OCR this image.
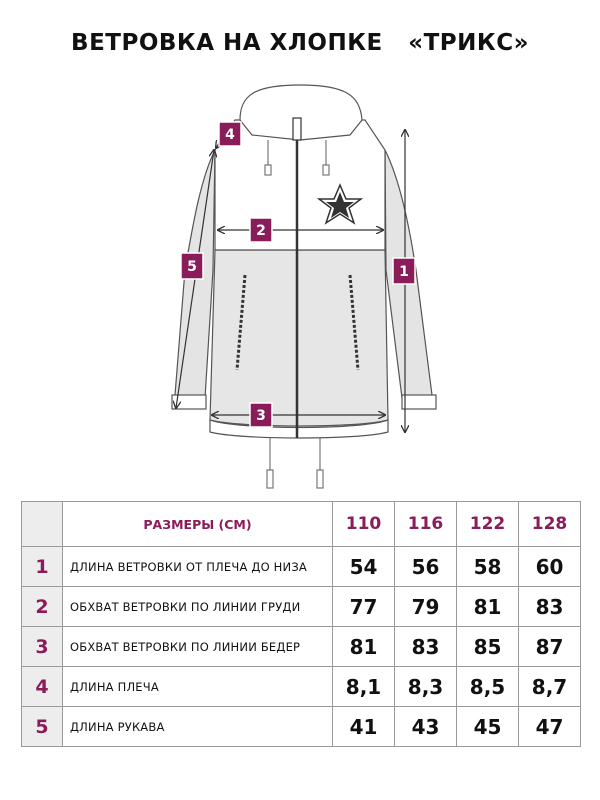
ВЕТРОВКА НА ХЛОПКЕ   «ТРИКС»
1
2
3
4
5
	РАЗМЕРЫ (СМ)	110	116	122	128
1	ДЛИНА ВЕТРОВКИ ОТ ПЛЕЧА ДО НИЗА	54	56	58	60
2	ОБХВАТ ВЕТРОВКИ ПО ЛИНИИ ГРУДИ	77	79	81	83
3	ОБХВАТ ВЕТРОВКИ ПО ЛИНИИ БЕДЕР	81	83	85	87
4	ДЛИНА ПЛЕЧА	8,1	8,3	8,5	8,7
5	ДЛИНА РУКАВА	41	43	45	47
